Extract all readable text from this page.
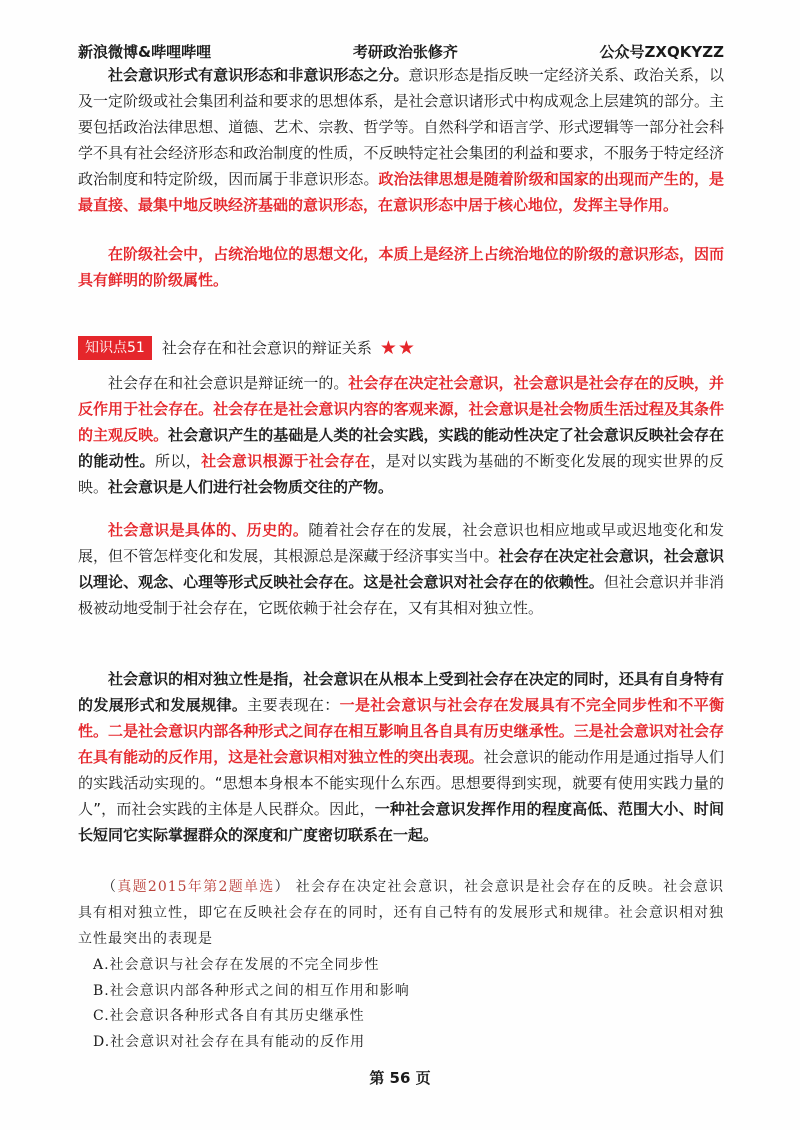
新浪微博&哔哩哔哩	考研政治张修齐	公众号ZXQKYZZ

社会意识形式有意识形态和非意识形态之分。意识形态是指反映一定经济关系、政治关系，以及一定阶级或社会集团利益和要求的思想体系，是社会意识诸形式中构成观念上层建筑的部分。主要包括政治法律思想、道德、艺术、宗教、哲学等。自然科学和语言学、形式逻辑等一部分社会科学不具有社会经济形态和政治制度的性质，不反映特定社会集团的利益和要求，不服务于特定经济政治制度和特定阶级，因而属于非意识形态。政治法律思想是随着阶级和国家的出现而产生的，是最直接、最集中地反映经济基础的意识形态，在意识形态中居于核心地位，发挥主导作用。

在阶级社会中，占统治地位的思想文化，本质上是经济上占统治地位的阶级的意识形态，因而具有鲜明的阶级属性。

知识点51	社会存在和社会意识的辩证关系 ★★

社会存在和社会意识是辩证统一的。社会存在决定社会意识，社会意识是社会存在的反映，并反作用于社会存在。社会存在是社会意识内容的客观来源，社会意识是社会物质生活过程及其条件的主观反映。社会意识产生的基础是人类的社会实践，实践的能动性决定了社会意识反映社会存在的能动性。所以，社会意识根源于社会存在，是对以实践为基础的不断变化发展的现实世界的反映。社会意识是人们进行社会物质交往的产物。

社会意识是具体的、历史的。随着社会存在的发展，社会意识也相应地或早或迟地变化和发展，但不管怎样变化和发展，其根源总是深藏于经济事实当中。社会存在决定社会意识，社会意识以理论、观念、心理等形式反映社会存在。这是社会意识对社会存在的依赖性。但社会意识并非消极被动地受制于社会存在，它既依赖于社会存在，又有其相对独立性。

社会意识的相对独立性是指，社会意识在从根本上受到社会存在决定的同时，还具有自身特有的发展形式和发展规律。主要表现在：一是社会意识与社会存在发展具有不完全同步性和不平衡性。二是社会意识内部各种形式之间存在相互影响且各自具有历史继承性。三是社会意识对社会存在具有能动的反作用，这是社会意识相对独立性的突出表现。社会意识的能动作用是通过指导人们的实践活动实现的。“思想本身根本不能实现什么东西。思想要得到实现，就要有使用实践力量的人”，而社会实践的主体是人民群众。因此，一种社会意识发挥作用的程度高低、范围大小、时间长短同它实际掌握群众的深度和广度密切联系在一起。

（真题2015年第2题单选） 社会存在决定社会意识，社会意识是社会存在的反映。社会意识具有相对独立性，即它在反映社会存在的同时，还有自己特有的发展形式和规律。社会意识相对独立性最突出的表现是

A.社会意识与社会存在发展的不完全同步性
B.社会意识内部各种形式之间的相互作用和影响
C.社会意识各种形式各自有其历史继承性
D.社会意识对社会存在具有能动的反作用
第 56 页
